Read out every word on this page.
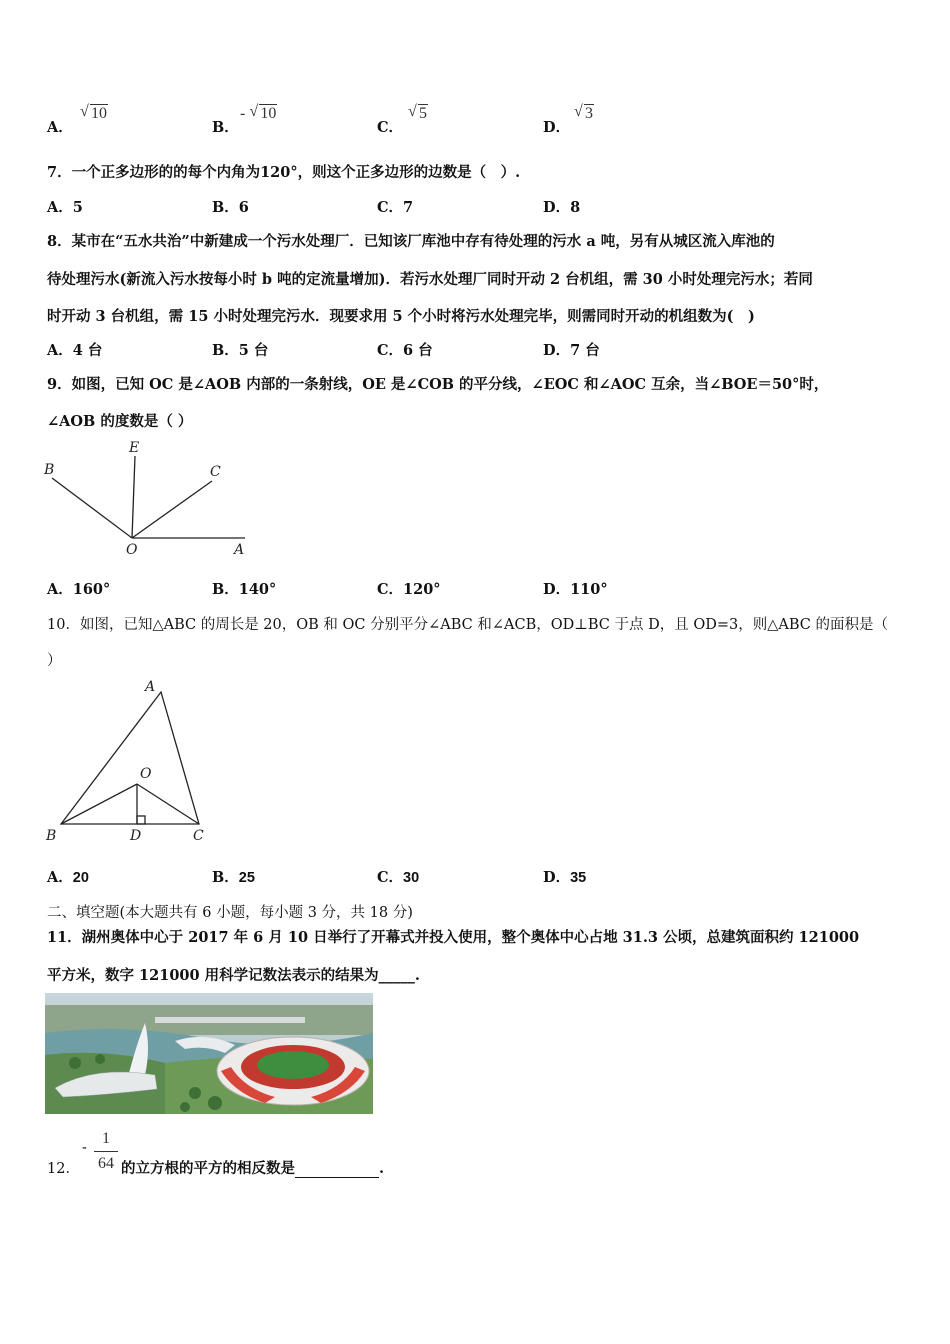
A．
√ 10
B．
- √ 10
C．
√ 5
D．
√ 3
7．一个正多边形的的每个内角为120°，则这个正多边形的边数是（　）.
A．5	B．6	C．7	D．8
8．某市在“五水共治”中新建成一个污水处理厂．已知该厂库池中存有待处理的污水 a 吨，另有从城区流入库池的
待处理污水(新流入污水按每小时 b 吨的定流量增加)．若污水处理厂同时开动 2 台机组，需 30 小时处理完污水；若同
时开动 3 台机组，需 15 小时处理完污水．现要求用 5 个小时将污水处理完毕，则需同时开动的机组数为(　)
A．4 台	B．5 台	C．6 台	D．7 台
9．如图，已知 OC 是∠AOB 内部的一条射线，OE 是∠COB 的平分线，∠EOC 和∠AOC 互余，当∠BOE＝50°时，
∠AOB 的度数是（ ）
B
E
C
O	A
A．160°	B．140°	C．120°	D．110°
10．如图，已知△ABC 的周长是 20，OB 和 OC 分别平分∠ABC 和∠ACB，OD⊥BC 于点 D，且 OD=3，则△ABC 的面积是（
）
A
O
B	D	C
A．20	B．25	C．30	D．35
二、填空题(本大题共有 6 小题，每小题 3 分，共 18 分)
11．湖州奥体中心于 2017 年 6 月 10 日举行了开幕式并投入使用，整个奥体中心占地 31.3 公顷，总建筑面积约 121000
平方米，数字 121000 用科学记数法表示的结果为_____.
12．
-
1
64 的立方根的平方的相反数是	.
